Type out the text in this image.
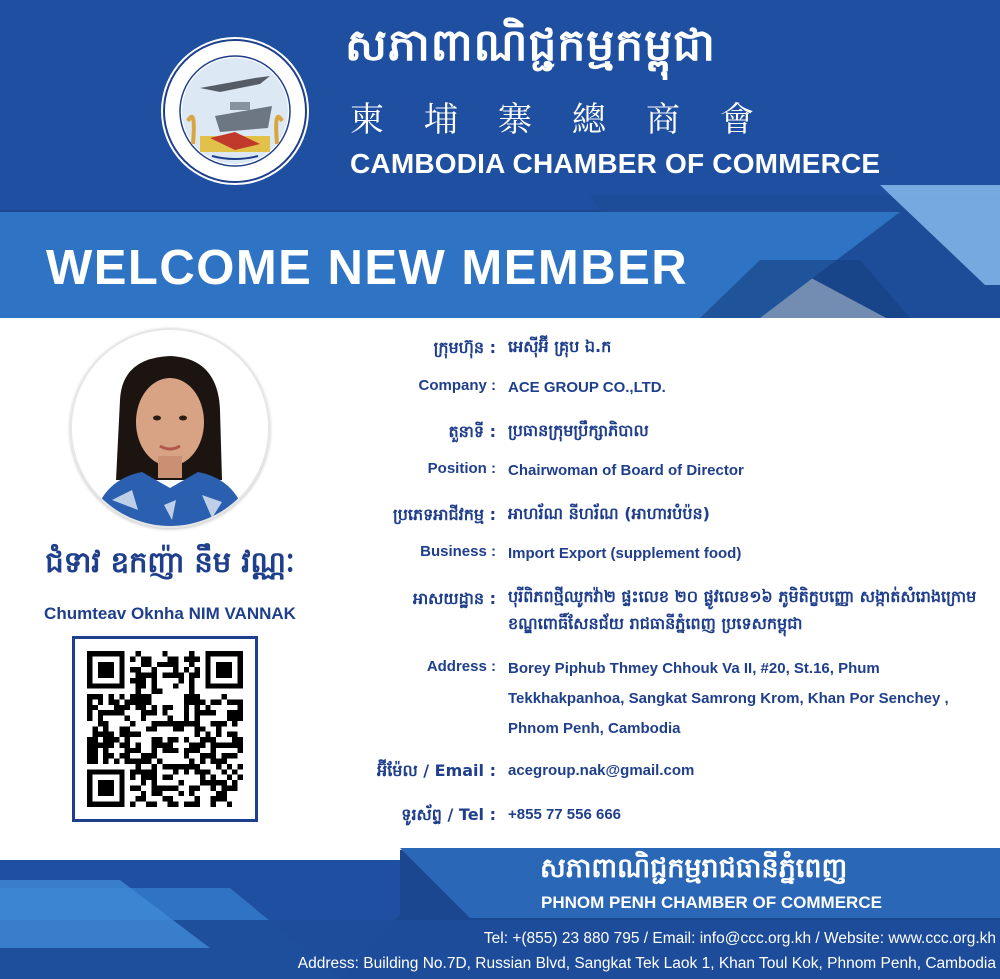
សភាពាណិជ្ជកម្មកម្ពុជា
柬埔寨總商會
CAMBODIA CHAMBER OF COMMERCE
WELCOME NEW MEMBER
ជំទាវ ឧកញ៉ា នឹម វណ្ណៈ
Chumteav Oknha NIM VANNAK
ក្រុមហ៊ុន : អេស៊ីអ៊ី គ្រុប ឯ.ក
Company : ACE GROUP CO.,LTD.
តួនាទី : ប្រធានក្រុមប្រឹក្សាភិបាល
Position : Chairwoman of Board of Director
ប្រភេទអាជីវកម្ម : អាហរ័ណ នីហរ័ណ (អាហារបំប៉ន)
Business : Import Export (supplement food)
អាសយដ្ឋាន : បុរីពិភពថ្មីឈូកវ៉ា២ ផ្ទះលេខ ២០ ផ្លូវលេខ១៦ ភូមិតិក្ខបញ្ញោ សង្កាត់សំរោងក្រោម ខណ្ឌពោធិ៍សែនជ័យ រាជធានីភ្នំពេញ ប្រទេសកម្ពុជា
Address : Borey Piphub Thmey Chhouk Va II, #20, St.16, Phum Tekkhakpanhoa, Sangkat Samrong Krom, Khan Por Senchey , Phnom Penh, Cambodia
អ៊ីម៉ែល / Email : acegroup.nak@gmail.com
ទូរស័ព្ទ / Tel : +855 77 556 666
សភាពាណិជ្ជកម្មរាជធានីភ្នំពេញ
PHNOM PENH CHAMBER OF COMMERCE
Tel: +(855) 23 880 795 / Email: info@ccc.org.kh / Website: www.ccc.org.kh
Address: Building No.7D, Russian Blvd, Sangkat Tek Laok 1, Khan Toul Kok, Phnom Penh, Cambodia
